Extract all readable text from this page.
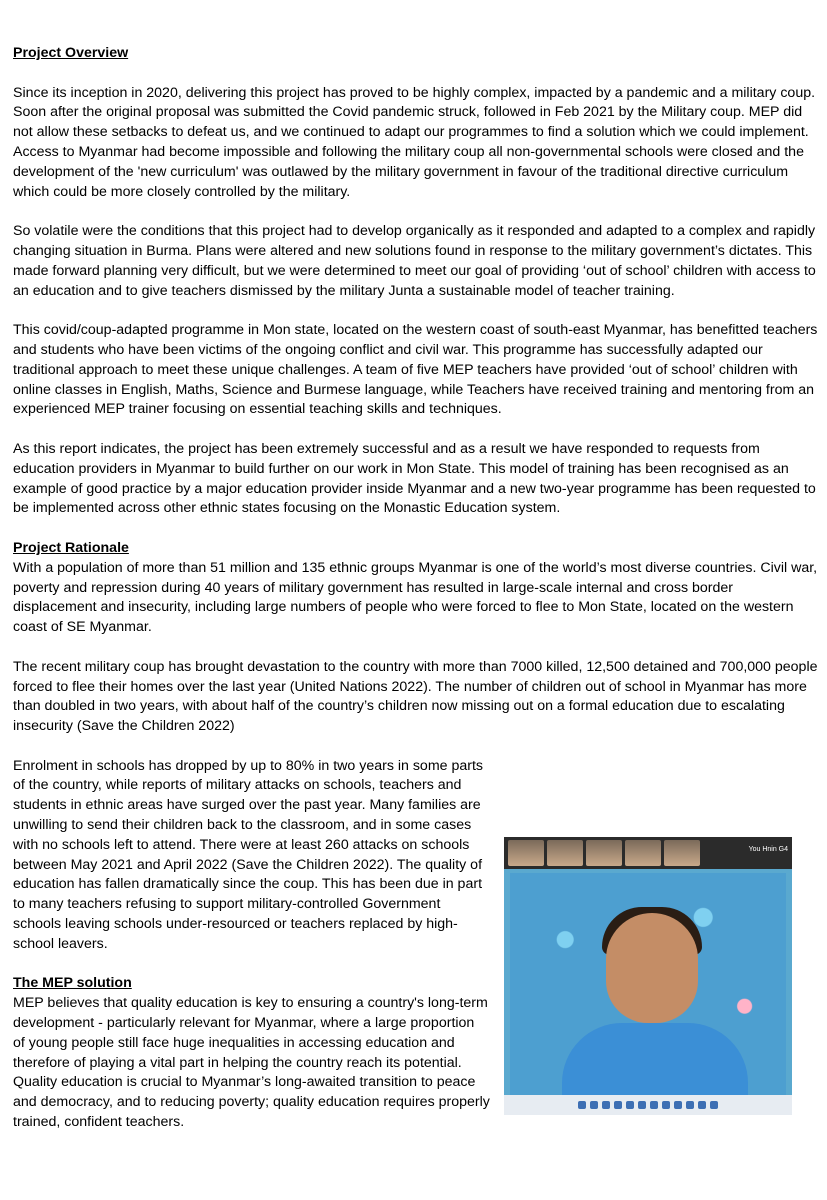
Project Overview

Since its inception in 2020, delivering this project has proved to be highly complex, impacted by a pandemic and a military coup. Soon after the original proposal was submitted the Covid pandemic struck, followed in Feb 2021 by the Military coup. MEP did not allow these setbacks to defeat us, and we continued to adapt our programmes to find a solution which we could implement. Access to Myanmar had become impossible and following the military coup all non-governmental schools were closed and the development of the 'new curriculum' was outlawed by the military government in favour of the traditional directive curriculum which could be more closely controlled by the military.

So volatile were the conditions that this project had to develop organically as it responded and adapted to a complex and rapidly changing situation in Burma. Plans were altered and new solutions found in response to the military government’s dictates. This made forward planning very difficult, but we were determined to meet our goal of providing ‘out of school’ children with access to an education and to give teachers dismissed by the military Junta a sustainable model of teacher training.

This covid/coup-adapted programme in Mon state, located on the western coast of south-east Myanmar, has benefitted teachers and students who have been victims of the ongoing conflict and civil war. This programme has successfully adapted our traditional approach to meet these unique challenges. A team of five MEP teachers have provided ‘out of school’ children with online classes in English, Maths, Science and Burmese language, while Teachers have received training and mentoring from an experienced MEP trainer focusing on essential teaching skills and techniques.

As this report indicates, the project has been extremely successful and as a result we have responded to requests from education providers in Myanmar to build further on our work in Mon State. This model of training has been recognised as an example of good practice by a major education provider inside Myanmar and a new two-year programme has been requested to be implemented across other ethnic states focusing on the Monastic Education system.

Project Rationale

With a population of more than 51 million and 135 ethnic groups Myanmar is one of the world’s most diverse countries. Civil war, poverty and repression during 40 years of military government has resulted in large-scale internal and cross border displacement and insecurity, including large numbers of people who were forced to flee to Mon State, located on the western coast of SE Myanmar.

The recent military coup has brought devastation to the country with more than 7000 killed, 12,500 detained and 700,000 people forced to flee their homes over the last year (United Nations 2022). The number of children out of school in Myanmar has more than doubled in two years, with about half of the country’s children now missing out on a formal education due to escalating insecurity (Save the Children 2022)

You Hnin G4

Enrolment in schools has dropped by up to 80% in two years in some parts of the country, while reports of military attacks on schools, teachers and students in ethnic areas have surged over the past year. Many families are unwilling to send their children back to the classroom, and in some cases with no schools left to attend. There were at least 260 attacks on schools between May 2021 and April 2022 (Save the Children 2022). The quality of education has fallen dramatically since the coup. This has been due in part to many teachers refusing to support military-controlled Government schools leaving schools under-resourced or teachers replaced by high-school leavers.

The MEP solution

MEP believes that quality education is key to ensuring a country's long-term development - particularly relevant for Myanmar, where a large proportion of young people still face huge inequalities in accessing education and therefore of playing a vital part in helping the country reach its potential. Quality education is crucial to Myanmar’s long-awaited transition to peace and democracy, and to reducing poverty; quality education requires properly trained, confident teachers.
